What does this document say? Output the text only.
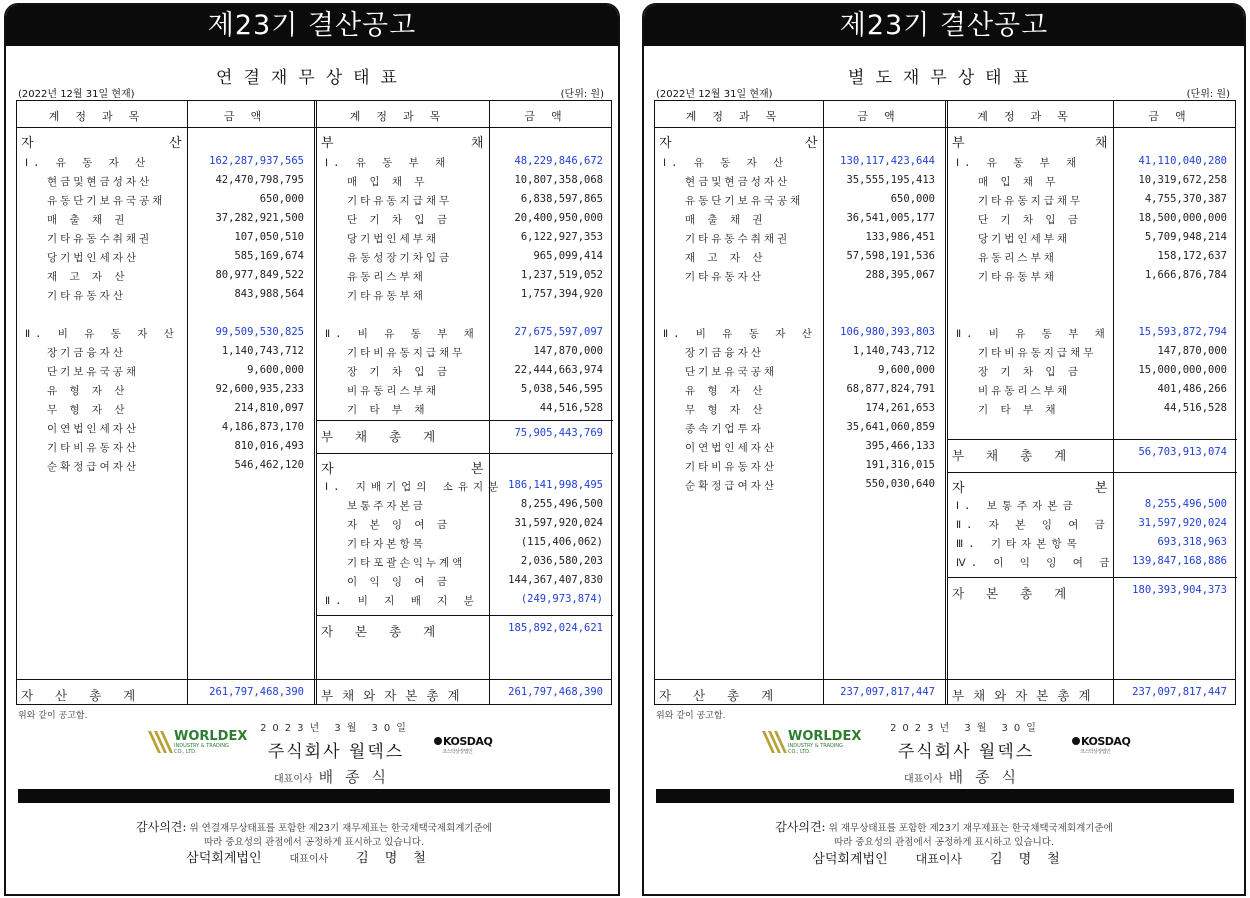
제23기 결산공고
연결재무상태표
(2022년 12월 31일 현재)	(단위: 원)
계정과목	금액	계정과목	금액
자	산
Ⅰ. 유 동 자 산	162,287,937,565
현금및현금성자산	42,470,798,795
유동단기보유국공채	650,000
매 출 채 권	37,282,921,500
기타유동수취채권	107,050,510
당기법인세자산	585,169,674
재 고 자 산	80,977,849,522
기타유동자산	843,988,564
Ⅱ. 비 유 동 자 산	99,509,530,825
장기금융자산	1,140,743,712
단기보유국공채	9,600,000
유 형 자 산	92,600,935,233
무 형 자 산	214,810,097
이연법인세자산	4,186,873,170
기타비유동자산	810,016,493
순확정급여자산	546,462,120
부	채
Ⅰ. 유 동 부 채	48,229,846,672
매 입 채 무	10,807,358,068
기타유동지급채무	6,838,597,865
단 기 차 입 금	20,400,950,000
당기법인세부채	6,122,927,353
유동성장기차입금	965,099,414
유동리스부채	1,237,519,052
기타유동부채	1,757,394,920
Ⅱ. 비 유 동 부 채	27,675,597,097
기타비유동지급채무	147,870,000
장 기 차 입 금	22,444,663,974
비유동리스부채	5,038,546,595
기 타 부 채	44,516,528
부 채 총 계	75,905,443,769
자	본
Ⅰ. 지배기업의 소유지분 186,141,998,495
보통주자본금	8,255,496,500
자 본 잉 여 금	31,597,920,024
기타자본항목	(115,406,062)
기타포괄손익누계액	2,036,580,203
이 익 잉 여 금	144,367,407,830
Ⅱ. 비 지 배 지 분	(249,973,874)
자 본 총 계	185,892,024,621
자 산 총 계	261,797,468,390 부채와자본총계	261,797,468,390
위와 같이 공고함.
WORLDEX
INDUSTRY & TRADING CO., LTD.
2023년 3월 30일
주식회사 월덱스
대표이사 배종식
KOSDAQ
코스닥상장법인
감사의견: 위 연결재무상태표를 포함한 제23기 재무제표는 한국채택국제회계기준에
따라 중요성의 관점에서 공정하게 표시하고 있습니다.
삼덕회계법인	대표이사 김명철
제23기 결산공고
별도재무상태표
(2022년 12월 31일 현재)	(단위: 원)
계정과목	금액	계정과목	금액
자	산
Ⅰ. 유 동 자 산	130,117,423,644
현금및현금성자산	35,555,195,413
유동단기보유국공채	650,000
매 출 채 권	36,541,005,177
기타유동수취채권	133,986,451
재 고 자 산	57,598,191,536
기타유동자산	288,395,067
Ⅱ. 비 유 동 자 산 106,980,393,803
장기금융자산	1,140,743,712
단기보유국공채	9,600,000
유 형 자 산	68,877,824,791
무 형 자 산	174,261,653
종속기업투자	35,641,060,859
이연법인세자산	395,466,133
기타비유동자산	191,316,015
순확정급여자산	550,030,640
부	채
Ⅰ. 유 동 부 채	41,110,040,280
매 입 채 무	10,319,672,258
기타유동지급채무	4,755,370,387
단 기 차 입 금	18,500,000,000
당기법인세부채	5,709,948,214
유동리스부채	158,172,637
기타유동부채	1,666,876,784
Ⅱ. 비 유 동 부 채	15,593,872,794
기타비유동지급채무	147,870,000
장 기 차 입 금	15,000,000,000
비유동리스부채	401,486,266
기 타 부 채	44,516,528
부 채 총 계	56,703,913,074
자	본
Ⅰ. 보통주자본금	8,255,496,500
Ⅱ. 자 본 잉 여 금	31,597,920,024
Ⅲ. 기타자본항목	693,318,963
Ⅳ. 이 익 잉 여 금 139,847,168,886
자 본 총 계	180,393,904,373
자 산 총 계	237,097,817,447 부채와자본총계	237,097,817,447
위와 같이 공고함.
WORLDEX
INDUSTRY & TRADING CO., LTD.
2023년 3월 30일
주식회사 월덱스
대표이사 배종식
KOSDAQ
코스닥상장법인
감사의견: 위 재무상태표를 포함한 제23기 재무제표는 한국채택국제회계기준에
따라 중요성의 관점에서 공정하게 표시하고 있습니다.
삼덕회계법인 대표이사 김명철
